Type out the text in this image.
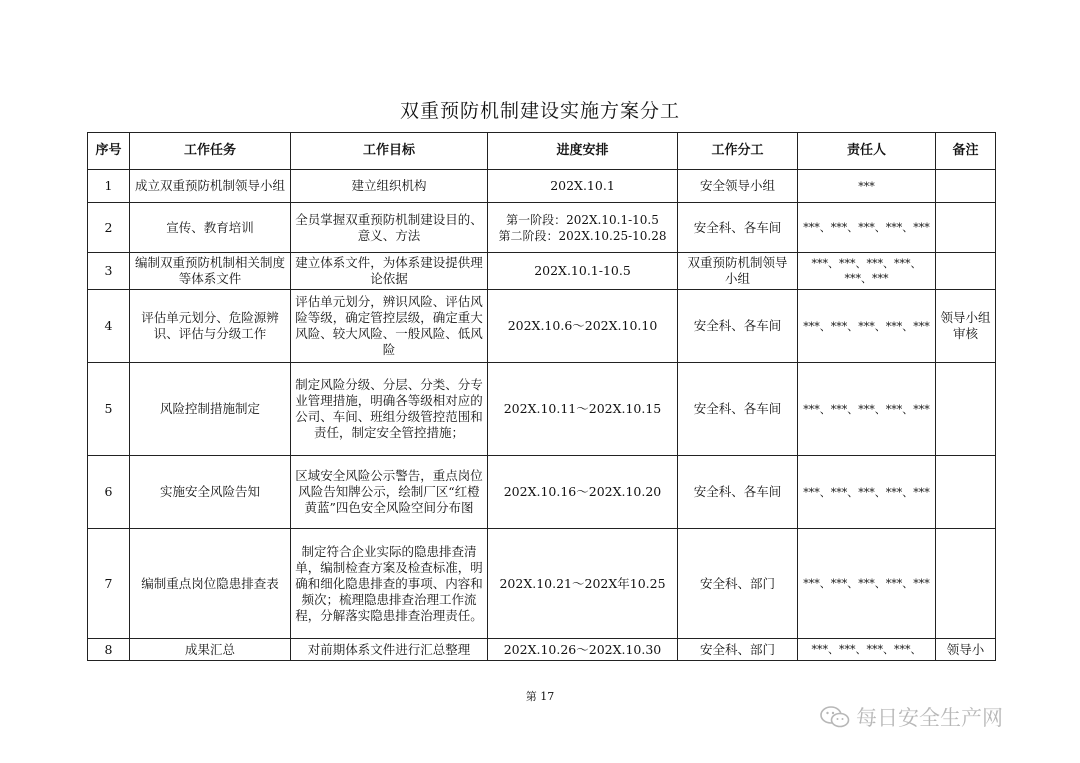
双重预防机制建设实施方案分工
序号	工作任务	工作目标	进度安排	工作分工	责任人	备注
1	成立双重预防机制领导小组	建立组织机构	202X.10.1	安全领导小组	***	
2	宣传、教育培训	全员掌握双重预防机制建设目的、意义、方法	第一阶段：202X.10.1-10.5
第二阶段：202X.10.25-10.28	安全科、各车间	***、***、***、***、***	
3	编制双重预防机制相关制度等体系文件	建立体系文件，为体系建设提供理论依据	202X.10.1-10.5	双重预防机制领导小组	***、***、***、***、***、***	
4	评估单元划分、危险源辨识、评估与分级工作	评估单元划分，辨识风险、评估风险等级，确定管控层级，确定重大风险、较大风险、一般风险、低风险	202X.10.6～202X.10.10	安全科、各车间	***、***、***、***、***	领导小组审核
5	风险控制措施制定	制定风险分级、分层、分类、分专业管理措施，明确各等级相对应的公司、车间、班组分级管控范围和责任，制定安全管控措施；	202X.10.11～202X.10.15	安全科、各车间	***、***、***、***、***	
6	实施安全风险告知	区域安全风险公示警告，重点岗位风险告知牌公示，绘制厂区“红橙黄蓝”四色安全风险空间分布图	202X.10.16～202X.10.20	安全科、各车间	***、***、***、***、***	
7	编制重点岗位隐患排查表	制定符合企业实际的隐患排查清单，编制检查方案及检查标准，明确和细化隐患排查的事项、内容和频次；梳理隐患排查治理工作流程，分解落实隐患排查治理责任。	202X.10.21～202X年10.25	安全科、部门	***、***、***、***、***	
8	成果汇总	对前期体系文件进行汇总整理	202X.10.26～202X.10.30	安全科、部门	***、***、***、***、	领导小
第 17
每日安全生产网
